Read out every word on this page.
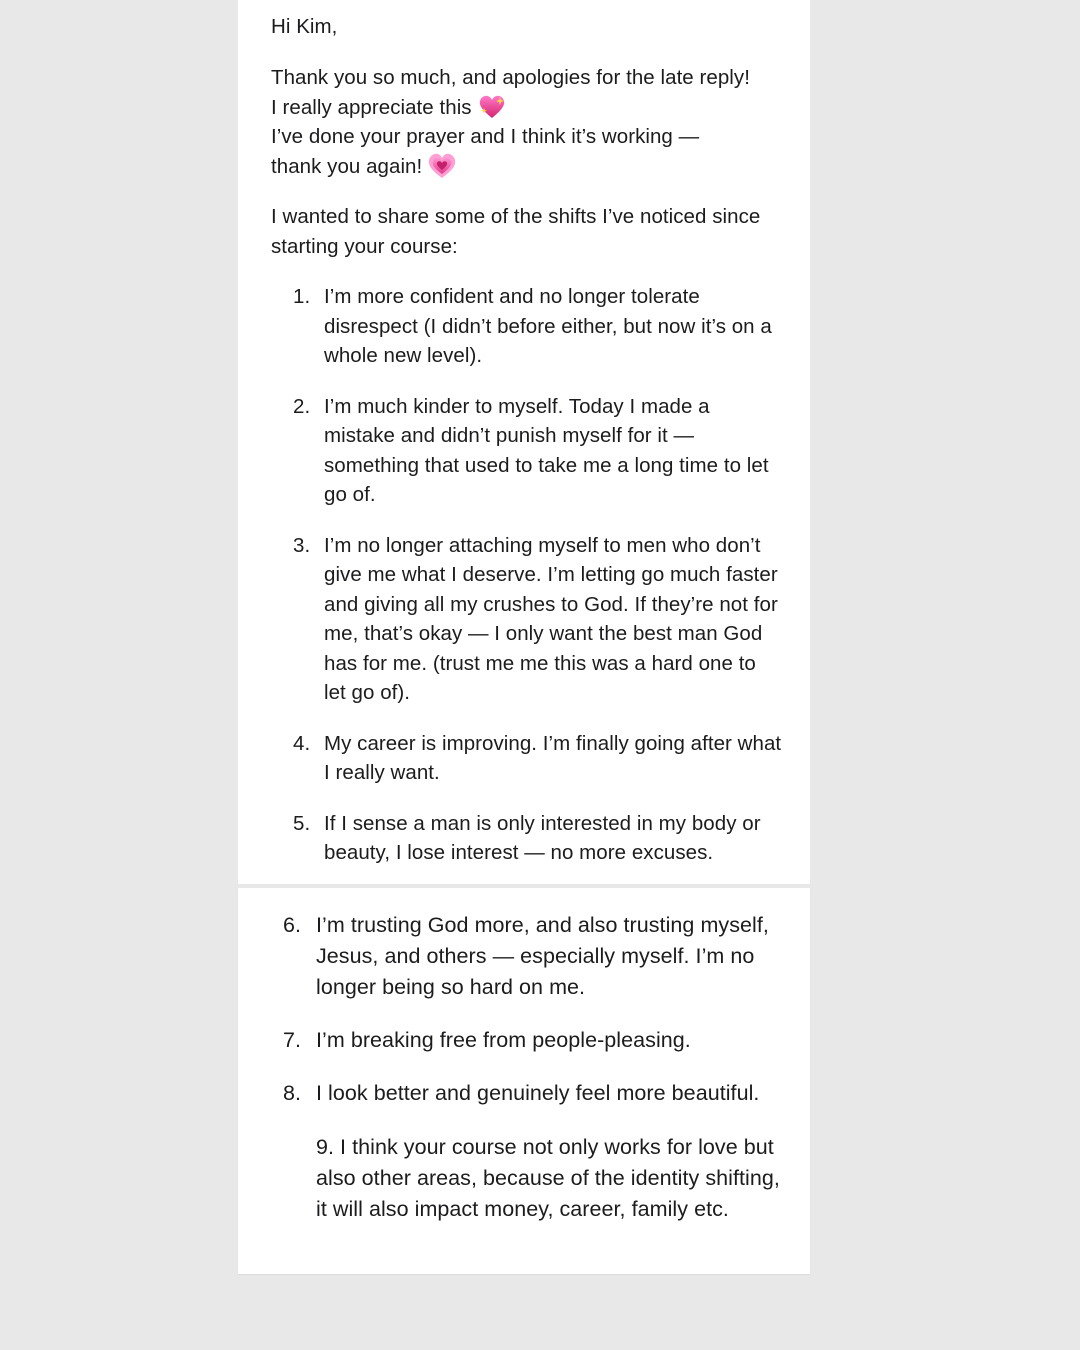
Hi Kim,

Thank you so much, and apologies for the late reply!
I really appreciate this
I’ve done your prayer and I think it’s working —
thank you again!

I wanted to share some of the shifts I’ve noticed since starting your course:

1. I’m more confident and no longer tolerate disrespect (I didn’t before either, but now it’s on a whole new level).
2. I’m much kinder to myself. Today I made a mistake and didn’t punish myself for it — something that used to take me a long time to let go of.
3. I’m no longer attaching myself to men who don’t give me what I deserve. I’m letting go much faster and giving all my crushes to God. If they’re not for me, that’s okay — I only want the best man God has for me. (trust me me this was a hard one to let go of).
4. My career is improving. I’m finally going after what I really want.
5. If I sense a man is only interested in my body or beauty, I lose interest — no more excuses.
6. I’m trusting God more, and also trusting myself, Jesus, and others — especially myself. I’m no longer being so hard on me.
7. I’m breaking free from people-pleasing.
8. I look better and genuinely feel more beautiful.

9. I think your course not only works for love but also other areas, because of the identity shifting, it will also impact money, career, family etc.
